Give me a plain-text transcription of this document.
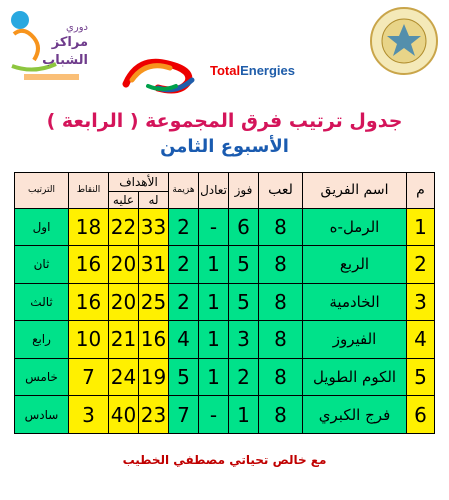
دوري
مراكز
الشباب
TotalEnergies
جدول ترتيب فرق المجموعة ( الرابعة )
الأسبوع الثامن
م	اسم الفريق	لعب	فوز	تعادل	هزيمة	الأهداف		النقاط	الترتيب
						له	عليه		
1	الرمل-ه	8	6	-	2	33	22	18	اول
2	الربع	8	5	1	2	31	20	16	ثان
3	الخادمية	8	5	1	2	25	20	16	ثالث
4	الفيروز	8	3	1	4	16	21	10	رابع
5	الكوم الطويل	8	2	1	5	19	24	7	خامس
6	فرج الكبري	8	1	-	7	23	40	3	سادس
مع خالص تحياتي مصطفي الخطيب
